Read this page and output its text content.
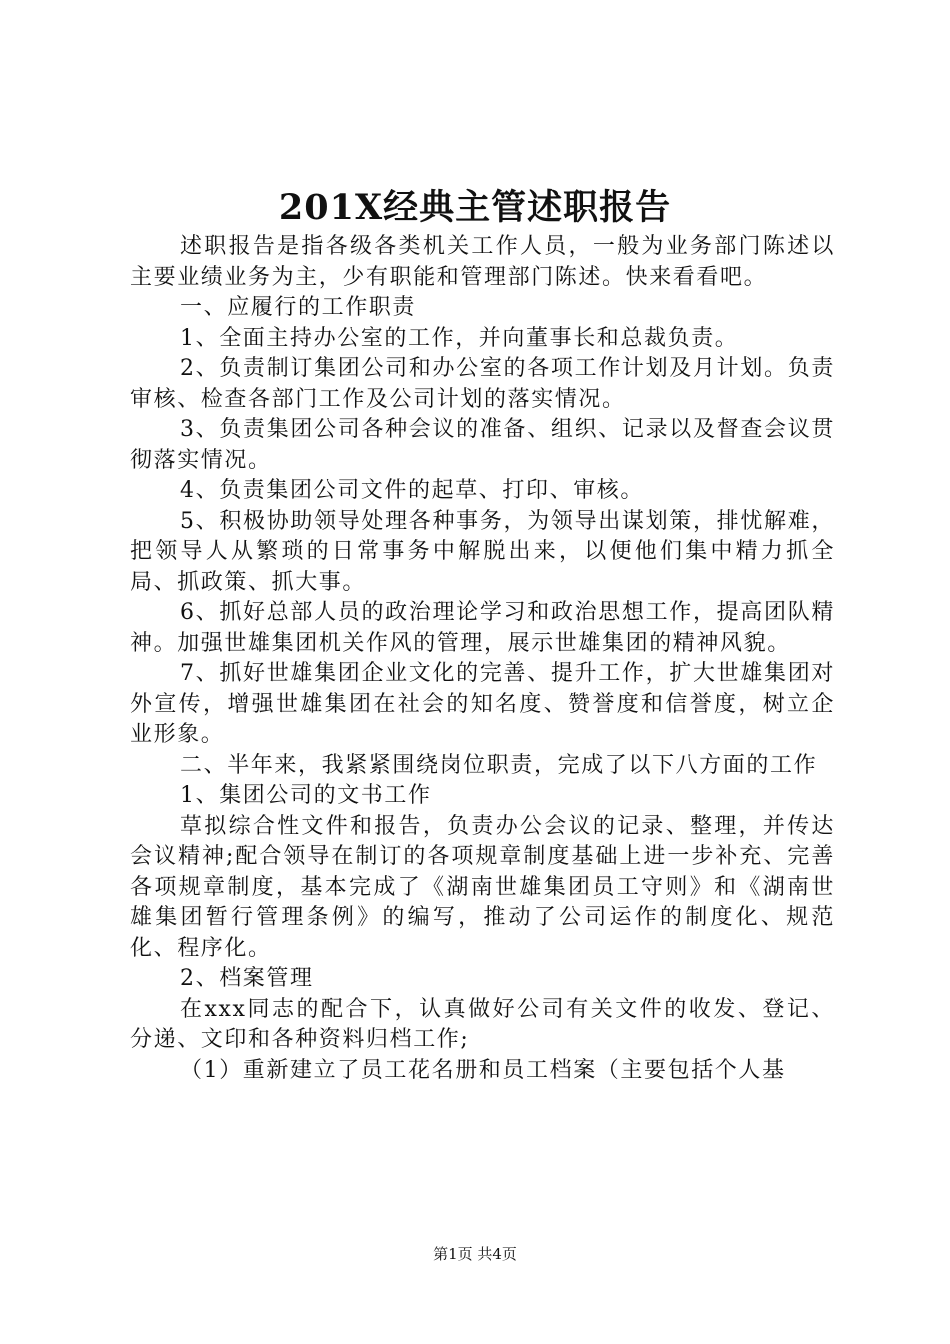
201X经典主管述职报告

述职报告是指各级各类机关工作人员，一般为业务部门陈述以主要业绩业务为主，少有职能和管理部门陈述。快来看看吧。

一、应履行的工作职责

1、全面主持办公室的工作，并向董事长和总裁负责。

2、负责制订集团公司和办公室的各项工作计划及月计划。负责审核、检查各部门工作及公司计划的落实情况。

3、负责集团公司各种会议的准备、组织、记录以及督查会议贯彻落实情况。

4、负责集团公司文件的起草、打印、审核。

5、积极协助领导处理各种事务，为领导出谋划策，排忧解难，把领导人从繁琐的日常事务中解脱出来，以便他们集中精力抓全局、抓政策、抓大事。

6、抓好总部人员的政治理论学习和政治思想工作，提高团队精神。加强世雄集团机关作风的管理，展示世雄集团的精神风貌。

7、抓好世雄集团企业文化的完善、提升工作，扩大世雄集团对外宣传，增强世雄集团在社会的知名度、赞誉度和信誉度，树立企业形象。

二、半年来，我紧紧围绕岗位职责，完成了以下八方面的工作

1、集团公司的文书工作

草拟综合性文件和报告，负责办公会议的记录、整理，并传达会议精神;配合领导在制订的各项规章制度基础上进一步补充、完善各项规章制度，基本完成了《湖南世雄集团员工守则》和《湖南世雄集团暂行管理条例》的编写，推动了公司运作的制度化、规范化、程序化。

2、档案管理

在xxx同志的配合下，认真做好公司有关文件的收发、登记、分递、文印和各种资料归档工作;

（1）重新建立了员工花名册和员工档案（主要包括个人基

第1页 共4页
